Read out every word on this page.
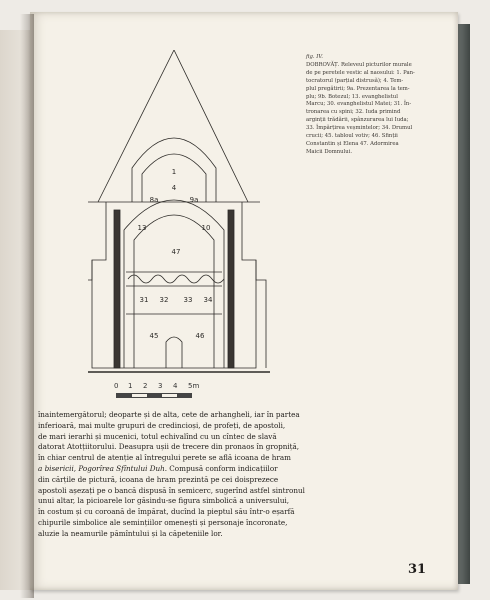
fig. IV.
DOBROVĂȚ. Releveul picturilor murale
de pe peretele vestic al naosului: 1. Pan-
tocratorul (parțial distrusă); 4. Tem-
plul pregătirii; 9a. Prezentarea la tem-
plu; 9b. Botezul; 13. evanghelistul
Marcu; 30. evanghelistul Matei; 31. În-
tronarea cu spini; 32. Iuda primind
arginții trădării, spânzurarea lui Iuda;
33. Împărțirea veșmintelor; 34. Drumul
crucii; 45. tabloul votiv; 46. Sfinții
Constantin și Elena 47. Adormirea
Maicii Domnului.

1
4
8a	9a
13	10
47
31 32 33 34
45	46
0 1 2 3 4 5m

înaintemergătorul; deoparte și de alta, cete de arhangheli, iar în partea
inferioară, mai multe grupuri de credincioși, de profeți, de apostoli,
de mari ierarhi și mucenici, totul echivalînd cu un cîntec de slavă
datorat Atotțiitorului. Deasupra ușii de trecere din pronaos în gropniță,
în chiar centrul de atenție al întregului perete se află icoana de hram
a bisericii, Pogorîrea Sfîntului Duh. Compusă conform indicațiilor
din cărțile de pictură, icoana de hram prezintă pe cei doisprezece
apostoli așezați pe o bancă dispusă în semicerc, sugerînd astfel sintronul
unui altar, la picioarele lor găsindu-se figura simbolică a universului,
în costum și cu coroană de împărat, ducînd la pieptul său într-o eșarfă
chipurile simbolice ale semințiilor omenești și personaje încoronate,
aluzie la neamurile pămîntului și la căpeteniile lor.

31
